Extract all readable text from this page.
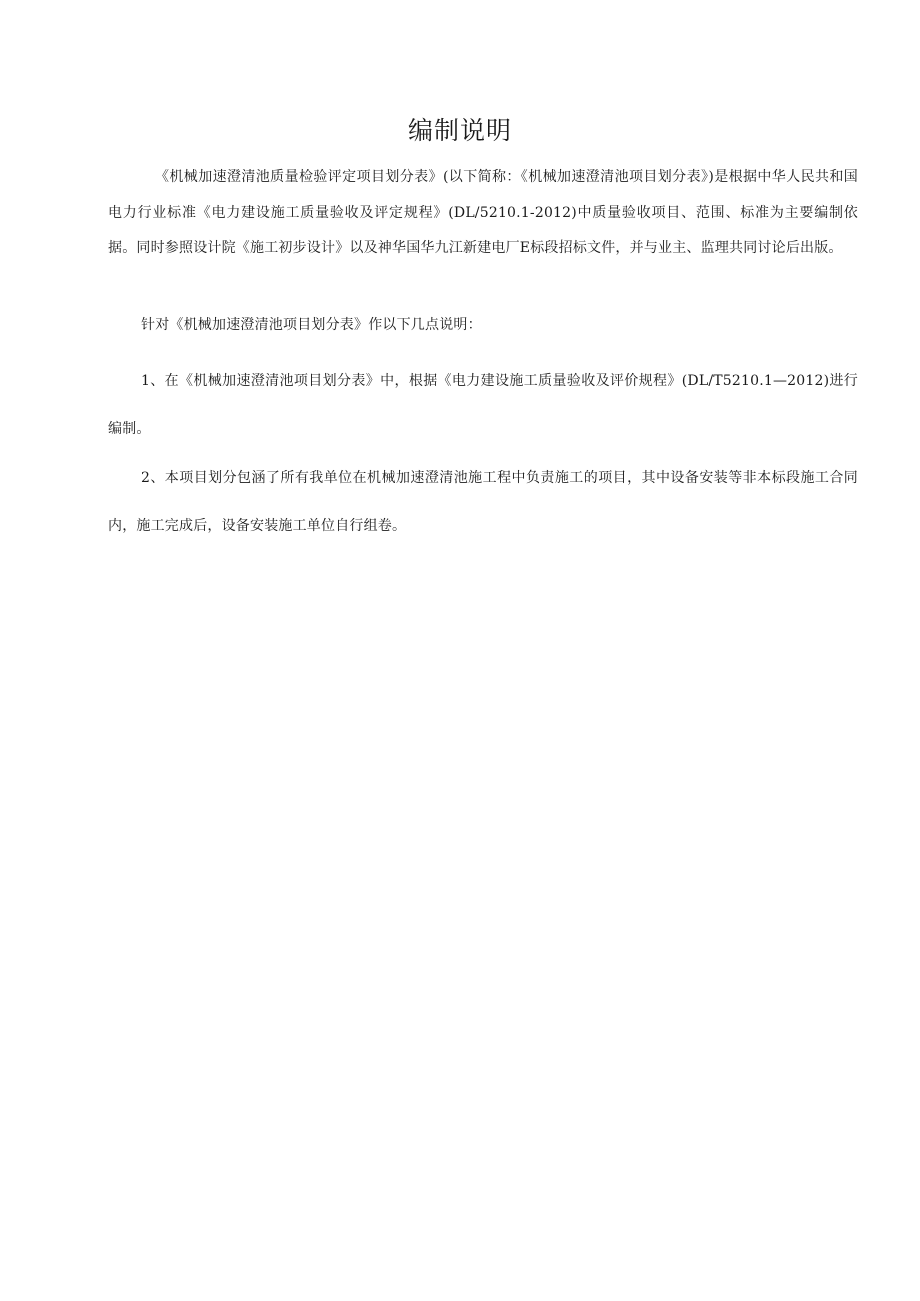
编制说明

《机械加速澄清池质量检验评定项目划分表》(以下简称：《机械加速澄清池项目划分表》)是根据中华人民共和国电力行业标准《电力建设施工质量验收及评定规程》(DL/5210.1-2012)中质量验收项目、范围、标准为主要编制依据。同时参照设计院《施工初步设计》以及神华国华九江新建电厂E标段招标文件，并与业主、监理共同讨论后出版。

针对《机械加速澄清池项目划分表》作以下几点说明：

1、在《机械加速澄清池项目划分表》中，根据《电力建设施工质量验收及评价规程》(DL/T5210.1—2012)进行编制。

2、本项目划分包涵了所有我单位在机械加速澄清池施工程中负责施工的项目，其中设备安装等非本标段施工合同内，施工完成后，设备安装施工单位自行组卷。
